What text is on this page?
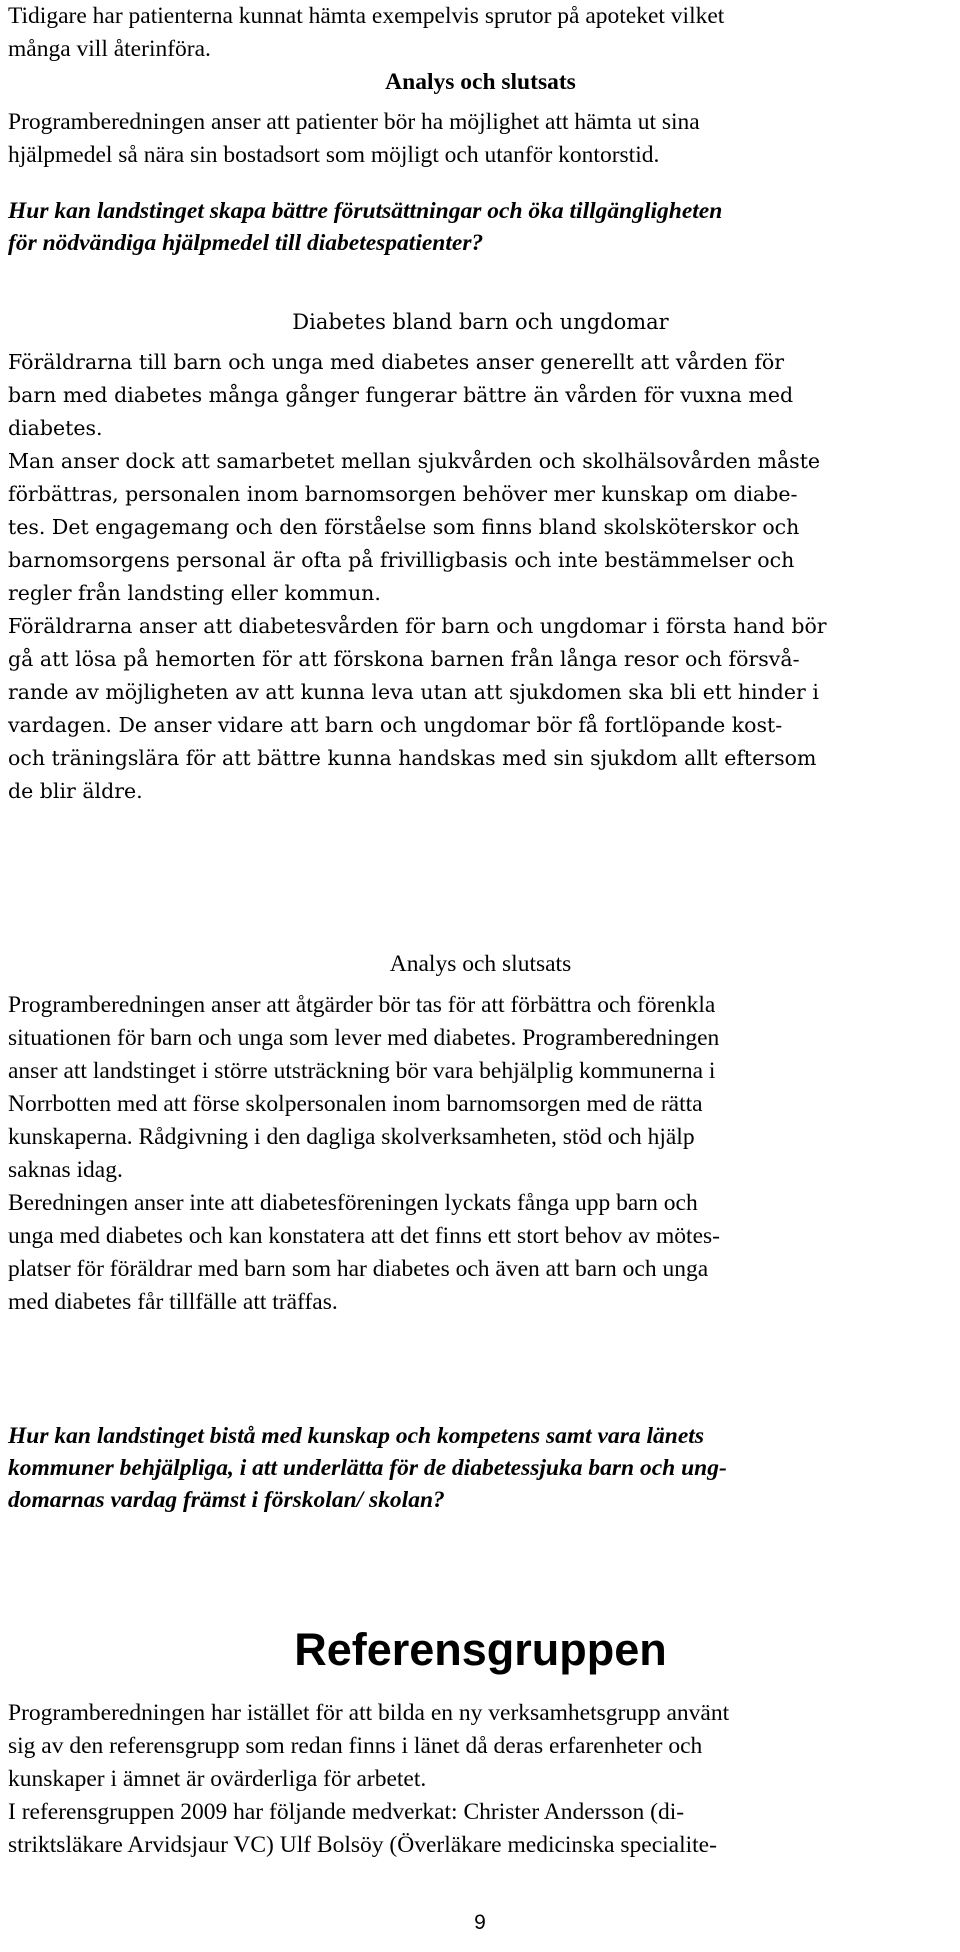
Tidigare har patienterna kunnat hämta exempelvis sprutor på apoteket vilket
många vill återinföra.

Analys och slutsats

Programberedningen anser att patienter bör ha möjlighet att hämta ut sina
hjälpmedel så nära sin bostadsort som möjligt och utanför kontorstid.

Hur kan landstinget skapa bättre förutsättningar och öka tillgängligheten
för nödvändiga hjälpmedel till diabetespatienter?

Diabetes bland barn och ungdomar

Föräldrarna till barn och unga med diabetes anser generellt att vården för
barn med diabetes många gånger fungerar bättre än vården för vuxna med
diabetes.
Man anser dock att samarbetet mellan sjukvården och skolhälsovården måste
förbättras, personalen inom barnomsorgen behöver mer kunskap om diabe-
tes. Det engagemang och den förståelse som finns bland skolsköterskor och
barnomsorgens personal är ofta på frivilligbasis och inte bestämmelser och
regler från landsting eller kommun.
Föräldrarna anser att diabetesvården för barn och ungdomar i första hand bör
gå att lösa på hemorten för att förskona barnen från långa resor och försvå-
rande av möjligheten av att kunna leva utan att sjukdomen ska bli ett hinder i
vardagen. De anser vidare att barn och ungdomar bör få fortlöpande kost-
och träningslära för att bättre kunna handskas med sin sjukdom allt eftersom
de blir äldre.

Analys och slutsats

Programberedningen anser att åtgärder bör tas för att förbättra och förenkla
situationen för barn och unga som lever med diabetes. Programberedningen
anser att landstinget i större utsträckning bör vara behjälplig kommunerna i
Norrbotten med att förse skolpersonalen inom barnomsorgen med de rätta
kunskaperna. Rådgivning i den dagliga skolverksamheten, stöd och hjälp
saknas idag.
Beredningen anser inte att diabetesföreningen lyckats fånga upp barn och
unga med diabetes och kan konstatera att det finns ett stort behov av mötes-
platser för föräldrar med barn som har diabetes och även att barn och unga
med diabetes får tillfälle att träffas.

Hur kan landstinget bistå med kunskap och kompetens samt vara länets
kommuner behjälpliga, i att underlätta för de diabetessjuka barn och ung-
domarnas vardag främst i förskolan/ skolan?

Referensgruppen

Programberedningen har istället för att bilda en ny verksamhetsgrupp använt
sig av den referensgrupp som redan finns i länet då deras erfarenheter och
kunskaper i ämnet är ovärderliga för arbetet.
I referensgruppen 2009 har följande medverkat: Christer Andersson (di-
striktsläkare Arvidsjaur VC) Ulf Bolsöy (Överläkare medicinska specialite-

9
